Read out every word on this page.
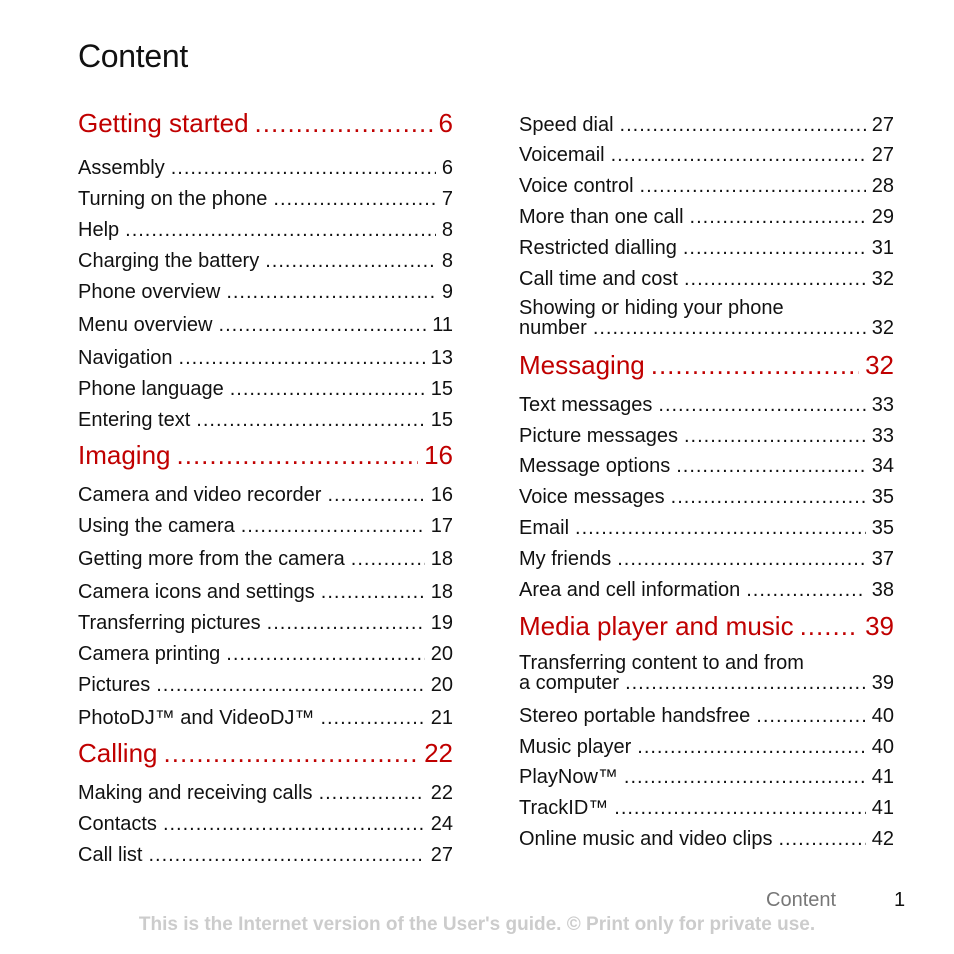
Content
Getting started .....	6
Assembly .....	6
Turning on the phone .....	7
Help .....	8
Charging the battery .....	8
Phone overview .....	9
Menu overview .....	11
Navigation .....	13
Phone language .....	15
Entering text .....	15
Imaging .....	16
Camera and video recorder .....	16
Using the camera .....	17
Getting more from the camera .....	18
Camera icons and settings .....	18
Transferring pictures .....	19
Camera printing .....	20
Pictures .....	20
PhotoDJ™ and VideoDJ™ .....	21
Calling .....	22
Making and receiving calls .....	22
Contacts .....	24
Call list .....	27
Speed dial .....	27
Voicemail .....	27
Voice control .....	28
More than one call .....	29
Restricted dialling .....	31
Call time and cost .....	32
Showing or hiding your phone
number .....	32
Messaging .....	32
Text messages .....	33
Picture messages .....	33
Message options .....	34
Voice messages .....	35
Email .....	35
My friends .....	37
Area and cell information .....	38
Media player and music .....	39
Transferring content to and from
a computer .....	39
Stereo portable handsfree .....	40
Music player .....	40
PlayNow™ .....	41
TrackID™ .....	41
Online music and video clips .....	42
Content	1
This is the Internet version of the User's guide. © Print only for private use.
